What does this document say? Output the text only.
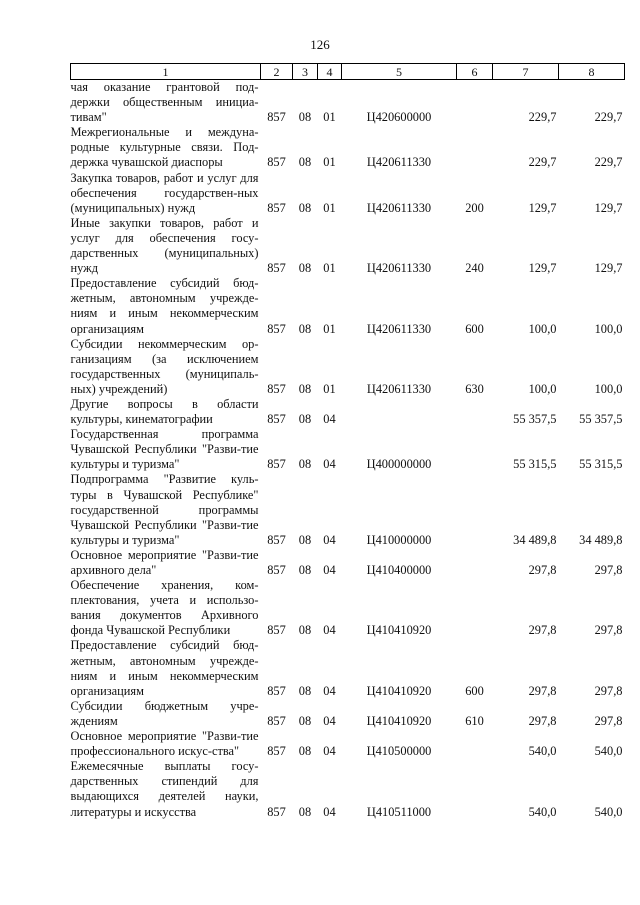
126
1	2	3	4	5	6	7	8
чая оказание грантовой под-держки общественным инициа-тивам"	857	08	01	Ц420600000		229,7	229,7
Межрегиональные и междуна-родные культурные связи. Под-держка чувашской диаспоры	857	08	01	Ц420611330		229,7	229,7
Закупка товаров, работ и услуг для обеспечения государствен-ных (муниципальных) нужд	857	08	01	Ц420611330	200	129,7	129,7
Иные закупки товаров, работ и услуг для обеспечения госу-дарственных (муниципальных) нужд	857	08	01	Ц420611330	240	129,7	129,7
Предоставление субсидий бюд-жетным, автономным учрежде-ниям и иным некоммерческим организациям	857	08	01	Ц420611330	600	100,0	100,0
Субсидии некоммерческим ор-ганизациям (за исключением государственных (муниципаль-ных) учреждений)	857	08	01	Ц420611330	630	100,0	100,0
Другие вопросы в области культуры, кинематографии	857	08	04			55 357,5	55 357,5
Государственная программа Чувашской Республики "Разви-тие культуры и туризма"	857	08	04	Ц400000000		55 315,5	55 315,5
Подпрограмма "Развитие куль-туры в Чувашской Республике" государственной программы Чувашской Республики "Разви-тие культуры и туризма"	857	08	04	Ц410000000		34 489,8	34 489,8
Основное мероприятие "Разви-тие архивного дела"	857	08	04	Ц410400000		297,8	297,8
Обеспечение хранения, ком-плектования, учета и использо-вания документов Архивного фонда Чувашской Республики	857	08	04	Ц410410920		297,8	297,8
Предоставление субсидий бюд-жетным, автономным учрежде-ниям и иным некоммерческим организациям	857	08	04	Ц410410920	600	297,8	297,8
Субсидии бюджетным учре-ждениям	857	08	04	Ц410410920	610	297,8	297,8
Основное мероприятие "Разви-тие профессионального искус-ства"	857	08	04	Ц410500000		540,0	540,0
Ежемесячные выплаты госу-дарственных стипендий для выдающихся деятелей науки, литературы и искусства	857	08	04	Ц410511000		540,0	540,0
